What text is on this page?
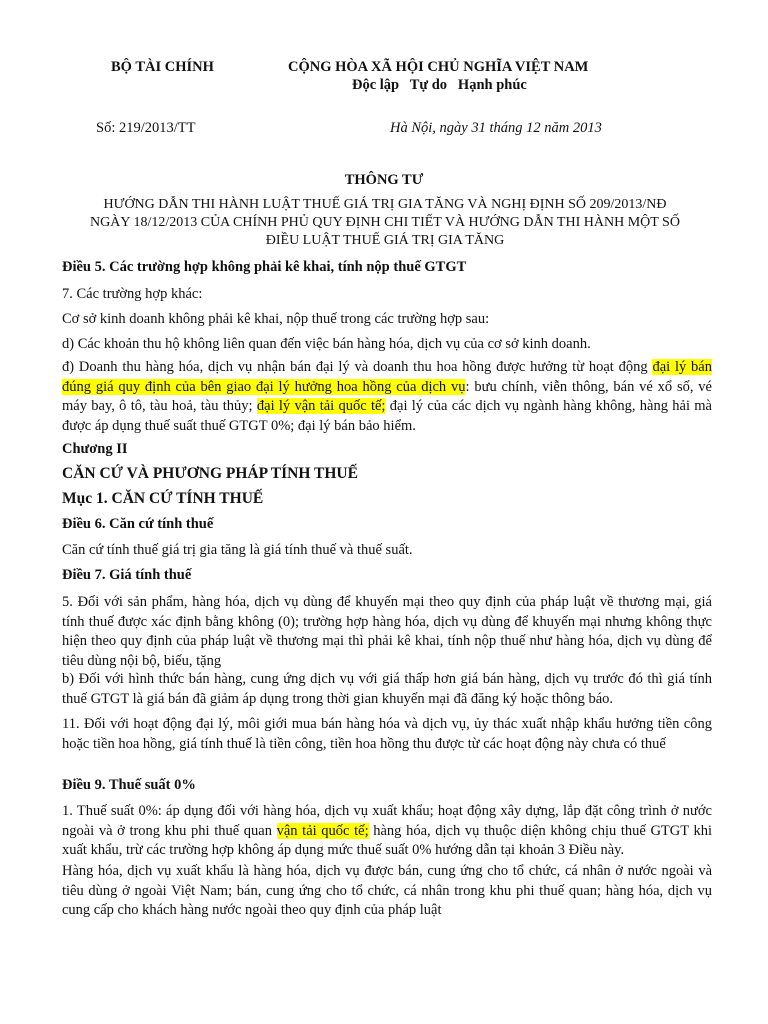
BỘ TÀI CHÍNH	CỘNG HÒA XÃ HỘI CHỦ NGHĨA VIỆT NAM
Độc lập   Tự do   Hạnh phúc
Số: 219/2013/TT	Hà Nội, ngày 31 tháng 12 năm 2013
THÔNG TƯ
HƯỚNG DẪN THI HÀNH LUẬT THUẾ GIÁ TRỊ GIA TĂNG VÀ NGHỊ ĐỊNH SỐ 209/2013/NĐ
NGÀY 18/12/2013 CỦA CHÍNH PHỦ QUY ĐỊNH CHI TIẾT VÀ HƯỚNG DẪN THI HÀNH MỘT SỐ
ĐIỀU LUẬT THUẾ GIÁ TRỊ GIA TĂNG
Điều 5. Các trường hợp không phải kê khai, tính nộp thuế GTGT
7. Các trường hợp khác:
Cơ sở kinh doanh không phải kê khai, nộp thuế trong các trường hợp sau:
d) Các khoản thu hộ không liên quan đến việc bán hàng hóa, dịch vụ của cơ sở kinh doanh.
đ) Doanh thu hàng hóa, dịch vụ nhận bán đại lý và doanh thu hoa hồng được hưởng từ hoạt động đại lý bán đúng giá quy định của bên giao đại lý hưởng hoa hồng của dịch vụ: bưu chính, viễn thông, bán vé xổ số, vé máy bay, ô tô, tàu hoả, tàu thủy; đại lý vận tải quốc tế; đại lý của các dịch vụ ngành hàng không, hàng hải mà được áp dụng thuế suất thuế GTGT 0%; đại lý bán bảo hiểm.
Chương II
CĂN CỨ VÀ PHƯƠNG PHÁP TÍNH THUẾ
Mục 1. CĂN CỨ TÍNH THUẾ
Điều 6. Căn cứ tính thuế
Căn cứ tính thuế giá trị gia tăng là giá tính thuế và thuế suất.
Điều 7. Giá tính thuế
5. Đối với sản phẩm, hàng hóa, dịch vụ dùng để khuyến mại theo quy định của pháp luật về thương mại, giá tính thuế được xác định bằng không (0); trường hợp hàng hóa, dịch vụ dùng để khuyến mại nhưng không thực hiện theo quy định của pháp luật về thương mại thì phải kê khai, tính nộp thuế như hàng hóa, dịch vụ dùng để tiêu dùng nội bộ, biếu, tặng
b) Đối với hình thức bán hàng, cung ứng dịch vụ với giá thấp hơn giá bán hàng, dịch vụ trước đó thì giá tính thuế GTGT là giá bán đã giảm áp dụng trong thời gian khuyến mại đã đăng ký hoặc thông báo.
11. Đối với hoạt động đại lý, môi giới mua bán hàng hóa và dịch vụ, ủy thác xuất nhập khẩu hưởng tiền công hoặc tiền hoa hồng, giá tính thuế là tiền công, tiền hoa hồng thu được từ các hoạt động này chưa có thuế
Điều 9. Thuế suất 0%
1. Thuế suất 0%: áp dụng đối với hàng hóa, dịch vụ xuất khẩu; hoạt động xây dựng, lắp đặt công trình ở nước ngoài và ở trong khu phi thuế quan vận tải quốc tế; hàng hóa, dịch vụ thuộc diện không chịu thuế GTGT khi xuất khẩu, trừ các trường hợp không áp dụng mức thuế suất 0% hướng dẫn tại khoản 3 Điều này.
Hàng hóa, dịch vụ xuất khẩu là hàng hóa, dịch vụ được bán, cung ứng cho tổ chức, cá nhân ở nước ngoài và tiêu dùng ở ngoài Việt Nam; bán, cung ứng cho tổ chức, cá nhân trong khu phi thuế quan; hàng hóa, dịch vụ cung cấp cho khách hàng nước ngoài theo quy định của pháp luật
